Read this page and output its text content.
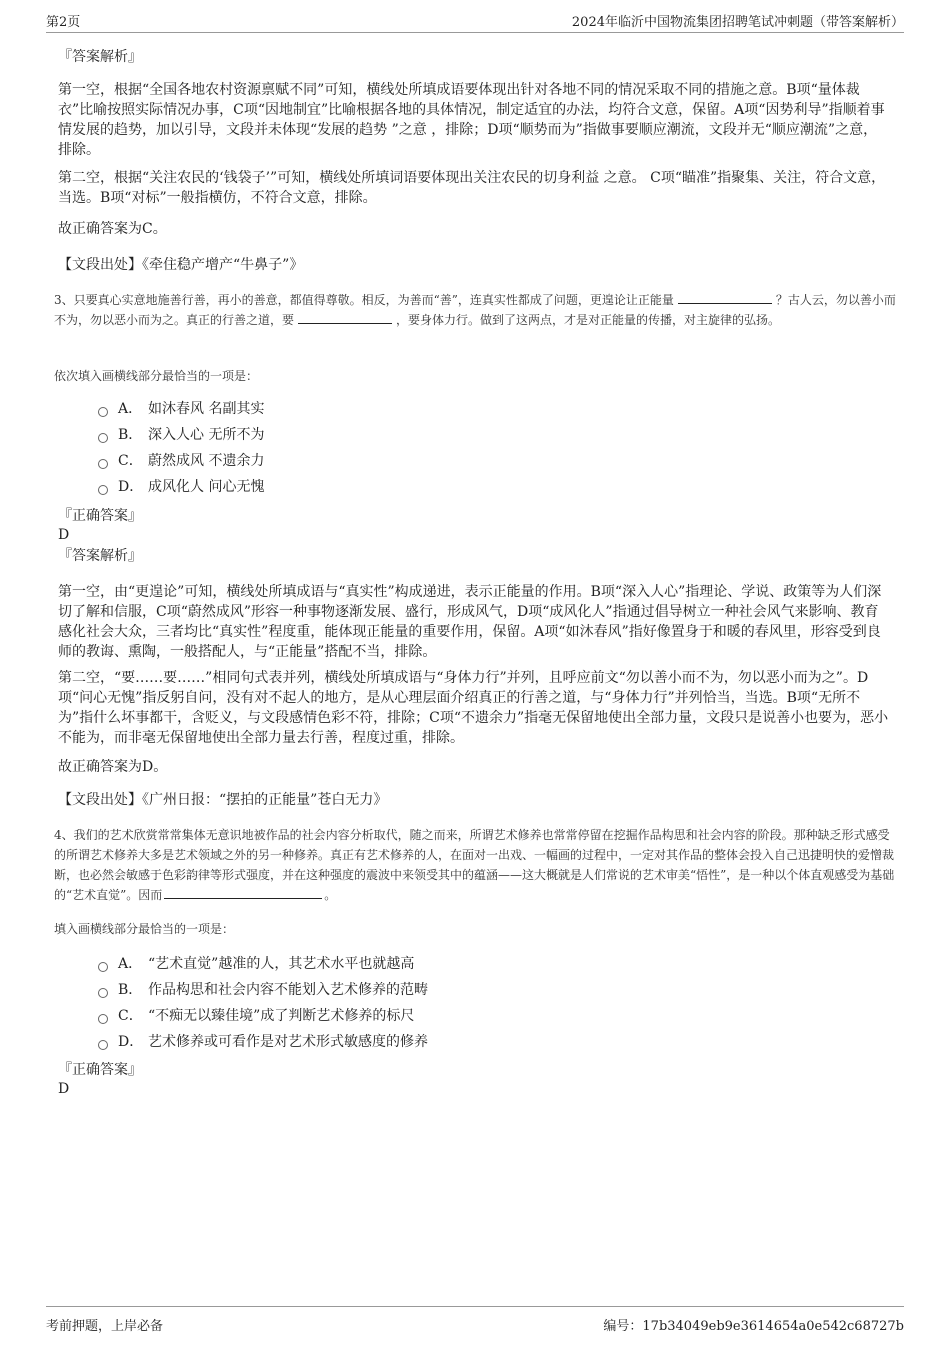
第2页	2024年临沂中国物流集团招聘笔试冲刺题（带答案解析）

『答案解析』

第一空，根据“全国各地农村资源禀赋不同”可知，横线处所填成语要体现出针对各地不同的情况采取不同的措施之意。B项“量体裁衣”比喻按照实际情况办事，C项“因地制宜”比喻根据各地的具体情况，制定适宜的办法，均符合文意，保留。A项“因势利导”指顺着事情发展的趋势，加以引导，文段并未体现“发展的趋势 ”之意 ，排除；D项“顺势而为”指做事要顺应潮流，文段并无“顺应潮流”之意，排除。

第二空，根据“关注农民的‘钱袋子’”可知，横线处所填词语要体现出关注农民的切身利益 之意。 C项“瞄准”指聚集、关注，符合文意，当选。B项“对标”一般指横仿，不符合文意，排除。

故正确答案为C。

【文段出处】《牵住稳产增产“牛鼻子”》

3、只要真心实意地施善行善，再小的善意，都值得尊敬。相反，为善而“善”，连真实性都成了问题，更遑论让正能量	？古人云，勿以善小而不为，勿以恶小而为之。真正的行善之道，要	，要身体力行。做到了这两点，才是对正能量的传播，对主旋律的弘扬。

依次填入画横线部分最恰当的一项是：

A． 如沐春风 名副其实
B． 深入人心 无所不为
C． 蔚然成风 不遗余力
D． 成风化人 问心无愧

『正确答案』

D

『答案解析』

第一空，由“更遑论”可知，横线处所填成语与“真实性”构成递进，表示正能量的作用。B项“深入人心”指理论、学说、政策等为人们深切了解和信服，C项“蔚然成风”形容一种事物逐渐发展、盛行，形成风气，D项“成风化人”指通过倡导树立一种社会风气来影响、教育感化社会大众，三者均比“真实性”程度重，能体现正能量的重要作用，保留。A项“如沐春风”指好像置身于和暖的春风里，形容受到良师的教诲、熏陶，一般搭配人，与“正能量”搭配不当，排除。

第二空，“要……要……”相同句式表并列，横线处所填成语与“身体力行”并列，且呼应前文“勿以善小而不为，勿以恶小而为之”。D项“问心无愧”指反躬自问，没有对不起人的地方，是从心理层面介绍真正的行善之道，与“身体力行”并列恰当，当选。B项“无所不为”指什么坏事都干，含贬义，与文段感情色彩不符，排除；C项“不遗余力”指毫无保留地使出全部力量，文段只是说善小也要为，恶小不能为，而非毫无保留地使出全部力量去行善，程度过重，排除。

故正确答案为D。

【文段出处】《广州日报：“摆拍的正能量”苍白无力》

4、我们的艺术欣赏常常集体无意识地被作品的社会内容分析取代，随之而来，所谓艺术修养也常常停留在挖掘作品构思和社会内容的阶段。那种缺乏形式感受的所谓艺术修养大多是艺术领域之外的另一种修养。真正有艺术修养的人，在面对一出戏、一幅画的过程中，一定对其作品的整体会投入自己迅捷明快的爱憎裁断，也必然会敏感于色彩韵律等形式强度，并在这种强度的震波中来领受其中的蕴涵——这大概就是人们常说的艺术审美“悟性”，是一种以个体直观感受为基础的“艺术直觉”。因而	。

填入画横线部分最恰当的一项是：

A． “艺术直觉”越准的人，其艺术水平也就越高
B． 作品构思和社会内容不能划入艺术修养的范畴
C． “不痴无以臻佳境”成了判断艺术修养的标尺
D． 艺术修养或可看作是对艺术形式敏感度的修养

『正确答案』

D

考前押题，上岸必备	编号：17b34049eb9e3614654a0e542c68727b
